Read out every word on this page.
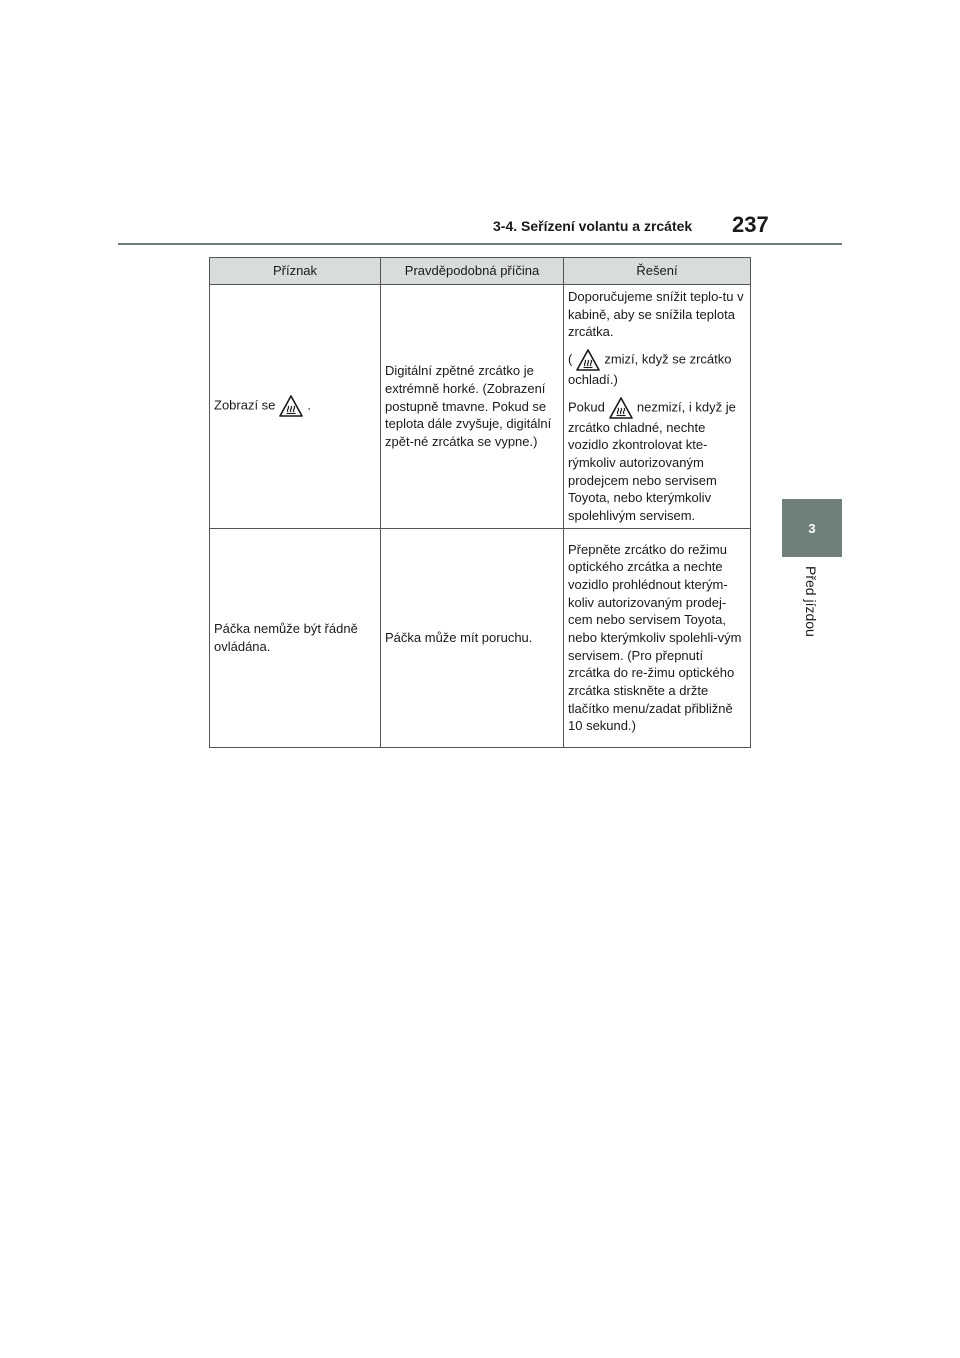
3-4. Seřízení volantu a zrcátek 237
3
Před jízdou
Příznak	Pravděpodobná příčina	Řešení
Zobrazí se .	Digitální zpětné zrcátko je extrémně horké. (Zobrazení postupně tmavne. Pokud se teplota dále zvyšuje, digitální zpět-né zrcátka se vypne.)	Doporučujeme snížit teplo-tu v kabině, aby se snížila teplota zrcátka.

( zmizí, když se zrcátko ochladí.)

Pokud nezmizí, i když je zrcátko chladné, nechte vozidlo zkontrolovat kte-rýmkoliv autorizovaným prodejcem nebo servisem Toyota, nebo kterýmkoliv spolehlivým servisem.

Páčka nemůže být řádně ovládána.	Páčka může mít poruchu.	Přepněte zrcátko do režimu optického zrcátka a nechte vozidlo prohlédnout kterým-koliv autorizovaným prodej-cem nebo servisem Toyota, nebo kterýmkoliv spolehli-vým servisem. (Pro přepnutí zrcátka do re-žimu optického zrcátka stiskněte a držte tlačítko menu/zadat přibližně 10 sekund.)
